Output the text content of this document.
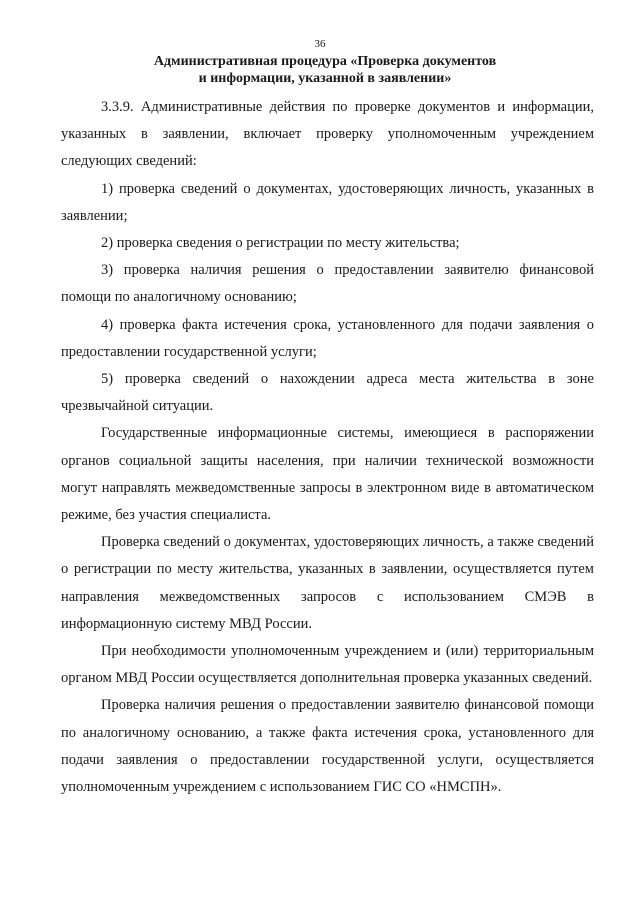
36
Административная процедура «Проверка документов
и информации, указанной в заявлении»

3.3.9. Административные действия по проверке документов и информации, указанных в заявлении, включает проверку уполномоченным учреждением следующих сведений:

1) проверка сведений о документах, удостоверяющих личность, указанных в заявлении;

2) проверка сведения о регистрации по месту жительства;

3) проверка наличия решения о предоставлении заявителю финансовой помощи по аналогичному основанию;

4) проверка факта истечения срока, установленного для подачи заявления о предоставлении государственной услуги;

5) проверка сведений о нахождении адреса места жительства в зоне чрезвычайной ситуации.

Государственные информационные системы, имеющиеся в распоряжении органов социальной защиты населения, при наличии технической возможности могут направлять межведомственные запросы в электронном виде в автоматическом режиме, без участия специалиста.

Проверка сведений о документах, удостоверяющих личность, а также сведений о регистрации по месту жительства, указанных в заявлении, осуществляется путем направления межведомственных запросов с использованием СМЭВ в информационную систему МВД России.

При необходимости уполномоченным учреждением и (или) территориальным органом МВД России осуществляется дополнительная проверка указанных сведений.

Проверка наличия решения о предоставлении заявителю финансовой помощи по аналогичному основанию, а также факта истечения срока, установленного для подачи заявления о предоставлении государственной услуги, осуществляется уполномоченным учреждением с использованием ГИС СО «НМСПН».
